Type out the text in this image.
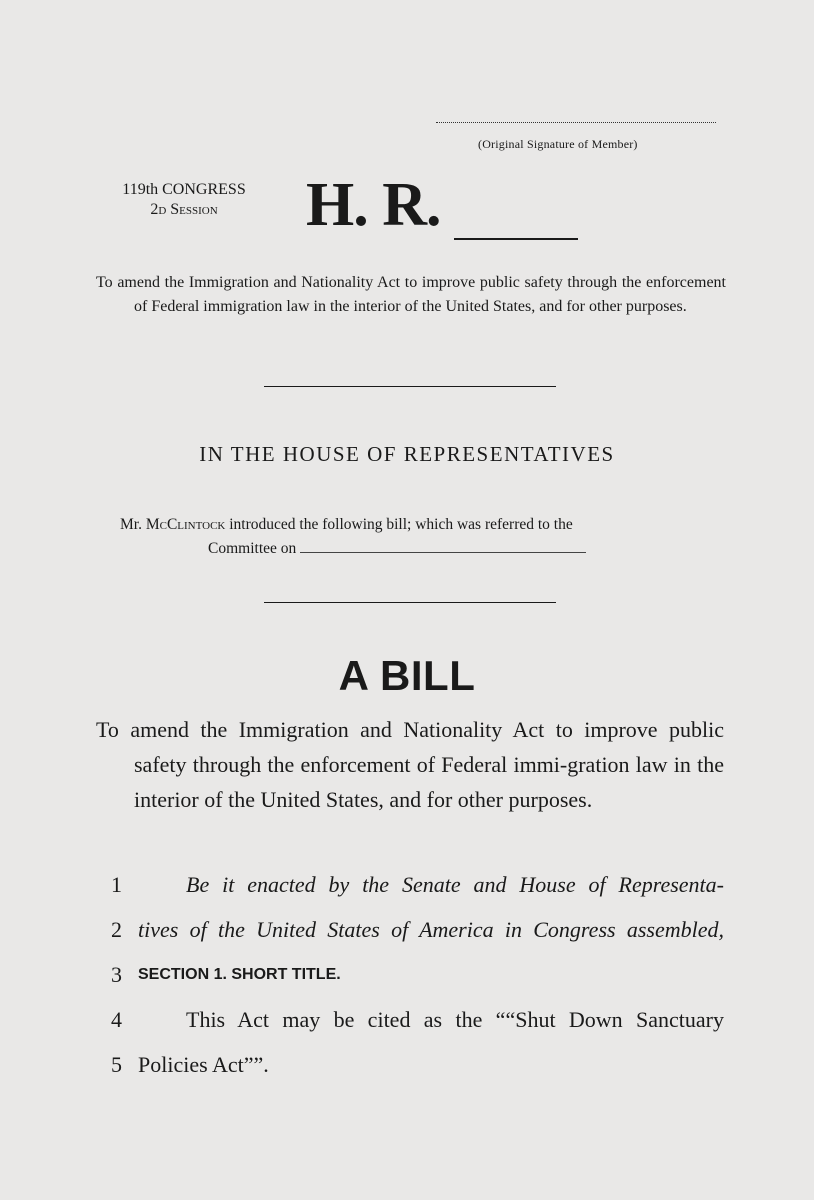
(Original Signature of Member)
119th CONGRESS
2d Session	H. R.

To amend the Immigration and Nationality Act to improve public safety through the enforcement of Federal immigration law in the interior of the United States, and for other purposes.

IN THE HOUSE OF REPRESENTATIVES
Mr. McClintock introduced the following bill; which was referred to the
Committee on
A BILL

To amend the Immigration and Nationality Act to improve public safety through the enforcement of Federal immi-gration law in the interior of the United States, and for other purposes.

1	Be it enacted by the Senate and House of Representa-
2 tives of the United States of America in Congress assembled,
3 SECTION 1. SHORT TITLE.
4	This Act may be cited as the ““Shut Down Sanctuary
5 Policies Act””.
